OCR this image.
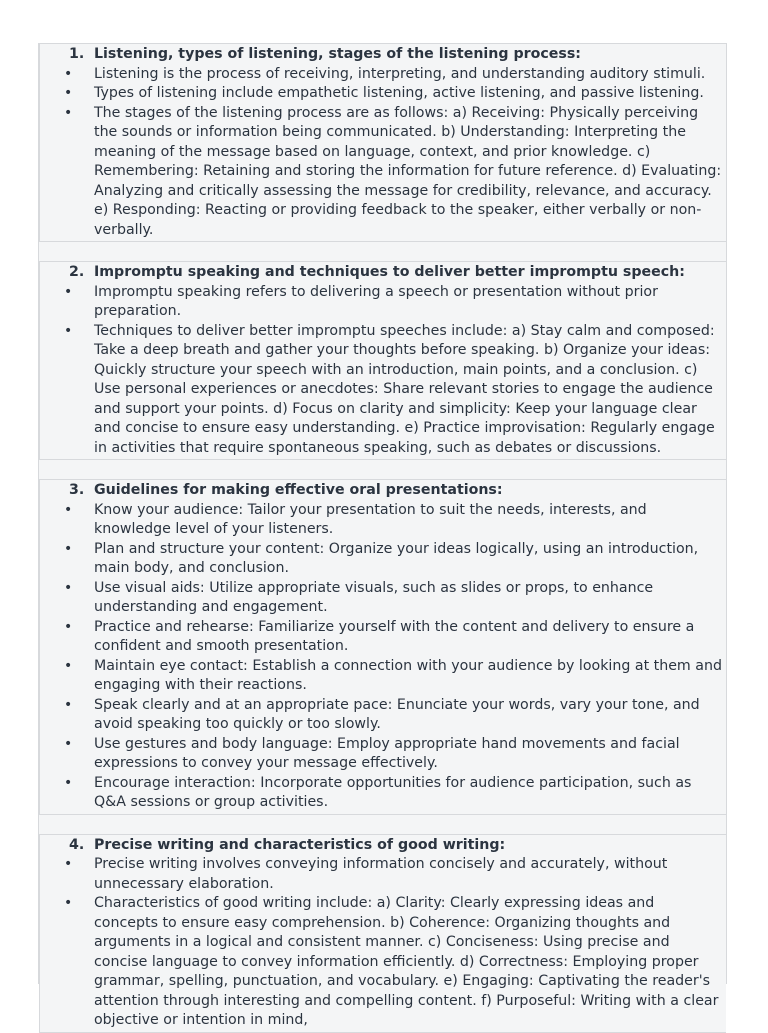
1. Listening, types of listening, stages of the listening process:
• Listening is the process of receiving, interpreting, and understanding auditory stimuli.
• Types of listening include empathetic listening, active listening, and passive listening.
• The stages of the listening process are as follows: a) Receiving: Physically perceiving the sounds or information being communicated. b) Understanding: Interpreting the meaning of the message based on language, context, and prior knowledge. c) Remembering: Retaining and storing the information for future reference. d) Evaluating: Analyzing and critically assessing the message for credibility, relevance, and accuracy. e) Responding: Reacting or providing feedback to the speaker, either verbally or non-verbally.
2. Impromptu speaking and techniques to deliver better impromptu speech:
• Impromptu speaking refers to delivering a speech or presentation without prior preparation.
• Techniques to deliver better impromptu speeches include: a) Stay calm and composed: Take a deep breath and gather your thoughts before speaking. b) Organize your ideas: Quickly structure your speech with an introduction, main points, and a conclusion. c) Use personal experiences or anecdotes: Share relevant stories to engage the audience and support your points. d) Focus on clarity and simplicity: Keep your language clear and concise to ensure easy understanding. e) Practice improvisation: Regularly engage in activities that require spontaneous speaking, such as debates or discussions.
3. Guidelines for making effective oral presentations:
• Know your audience: Tailor your presentation to suit the needs, interests, and knowledge level of your listeners.
• Plan and structure your content: Organize your ideas logically, using an introduction, main body, and conclusion.
• Use visual aids: Utilize appropriate visuals, such as slides or props, to enhance understanding and engagement.
• Practice and rehearse: Familiarize yourself with the content and delivery to ensure a confident and smooth presentation.
• Maintain eye contact: Establish a connection with your audience by looking at them and engaging with their reactions.
• Speak clearly and at an appropriate pace: Enunciate your words, vary your tone, and avoid speaking too quickly or too slowly.
• Use gestures and body language: Employ appropriate hand movements and facial expressions to convey your message effectively.
• Encourage interaction: Incorporate opportunities for audience participation, such as Q&A sessions or group activities.
4. Precise writing and characteristics of good writing:
• Precise writing involves conveying information concisely and accurately, without unnecessary elaboration.
• Characteristics of good writing include: a) Clarity: Clearly expressing ideas and concepts to ensure easy comprehension. b) Coherence: Organizing thoughts and arguments in a logical and consistent manner. c) Conciseness: Using precise and concise language to convey information efficiently. d) Correctness: Employing proper grammar, spelling, punctuation, and vocabulary. e) Engaging: Captivating the reader's attention through interesting and compelling content. f) Purposeful: Writing with a clear objective or intention in mind,
